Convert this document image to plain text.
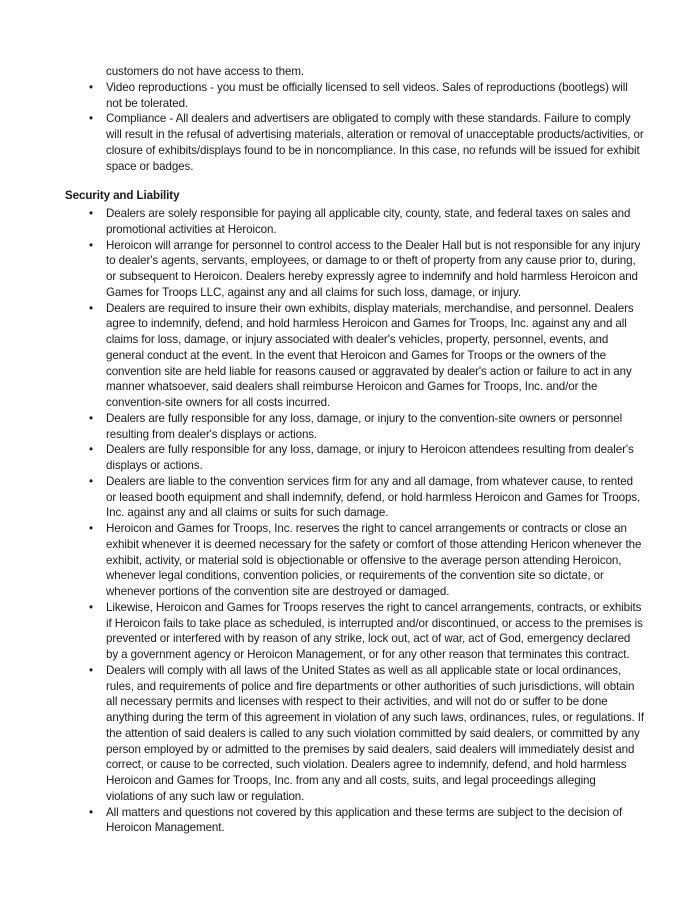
customers do not have access to them.
• Video reproductions - you must be officially licensed to sell videos. Sales of reproductions (bootlegs) will not be tolerated.
• Compliance - All dealers and advertisers are obligated to comply with these standards. Failure to comply will result in the refusal of advertising materials, alteration or removal of unacceptable products/activities, or closure of exhibits/displays found to be in noncompliance. In this case, no refunds will be issued for exhibit space or badges.
Security and Liability
• Dealers are solely responsible for paying all applicable city, county, state, and federal taxes on sales and promotional activities at Heroicon.
• Heroicon will arrange for personnel to control access to the Dealer Hall but is not responsible for any injury to dealer's agents, servants, employees, or damage to or theft of property from any cause prior to, during, or subsequent to Heroicon. Dealers hereby expressly agree to indemnify and hold harmless Heroicon and Games for Troops LLC, against any and all claims for such loss, damage, or injury.
• Dealers are required to insure their own exhibits, display materials, merchandise, and personnel. Dealers agree to indemnify, defend, and hold harmless Heroicon and Games for Troops, Inc. against any and all claims for loss, damage, or injury associated with dealer's vehicles, property, personnel, events, and general conduct at the event. In the event that Heroicon and Games for Troops or the owners of the convention site are held liable for reasons caused or aggravated by dealer's action or failure to act in any manner whatsoever, said dealers shall reimburse Heroicon and Games for Troops, Inc. and/or the convention-site owners for all costs incurred.
• Dealers are fully responsible for any loss, damage, or injury to the convention-site owners or personnel resulting from dealer's displays or actions.
• Dealers are fully responsible for any loss, damage, or injury to Heroicon attendees resulting from dealer's displays or actions.
• Dealers are liable to the convention services firm for any and all damage, from whatever cause, to rented or leased booth equipment and shall indemnify, defend, or hold harmless Heroicon and Games for Troops, Inc. against any and all claims or suits for such damage.
• Heroicon and Games for Troops, Inc. reserves the right to cancel arrangements or contracts or close an exhibit whenever it is deemed necessary for the safety or comfort of those attending Hericon whenever the exhibit, activity, or material sold is objectionable or offensive to the average person attending Heroicon, whenever legal conditions, convention policies, or requirements of the convention site so dictate, or whenever portions of the convention site are destroyed or damaged.
• Likewise, Heroicon and Games for Troops reserves the right to cancel arrangements, contracts, or exhibits if Heroicon fails to take place as scheduled, is interrupted and/or discontinued, or access to the premises is prevented or interfered with by reason of any strike, lock out, act of war, act of God, emergency declared by a government agency or Heroicon Management, or for any other reason that terminates this contract.
• Dealers will comply with all laws of the United States as well as all applicable state or local ordinances, rules, and requirements of police and fire departments or other authorities of such jurisdictions, will obtain all necessary permits and licenses with respect to their activities, and will not do or suffer to be done anything during the term of this agreement in violation of any such laws, ordinances, rules, or regulations. If the attention of said dealers is called to any such violation committed by said dealers, or committed by any person employed by or admitted to the premises by said dealers, said dealers will immediately desist and correct, or cause to be corrected, such violation. Dealers agree to indemnify, defend, and hold harmless Heroicon and Games for Troops, Inc. from any and all costs, suits, and legal proceedings alleging violations of any such law or regulation.
• All matters and questions not covered by this application and these terms are subject to the decision of Heroicon Management.
